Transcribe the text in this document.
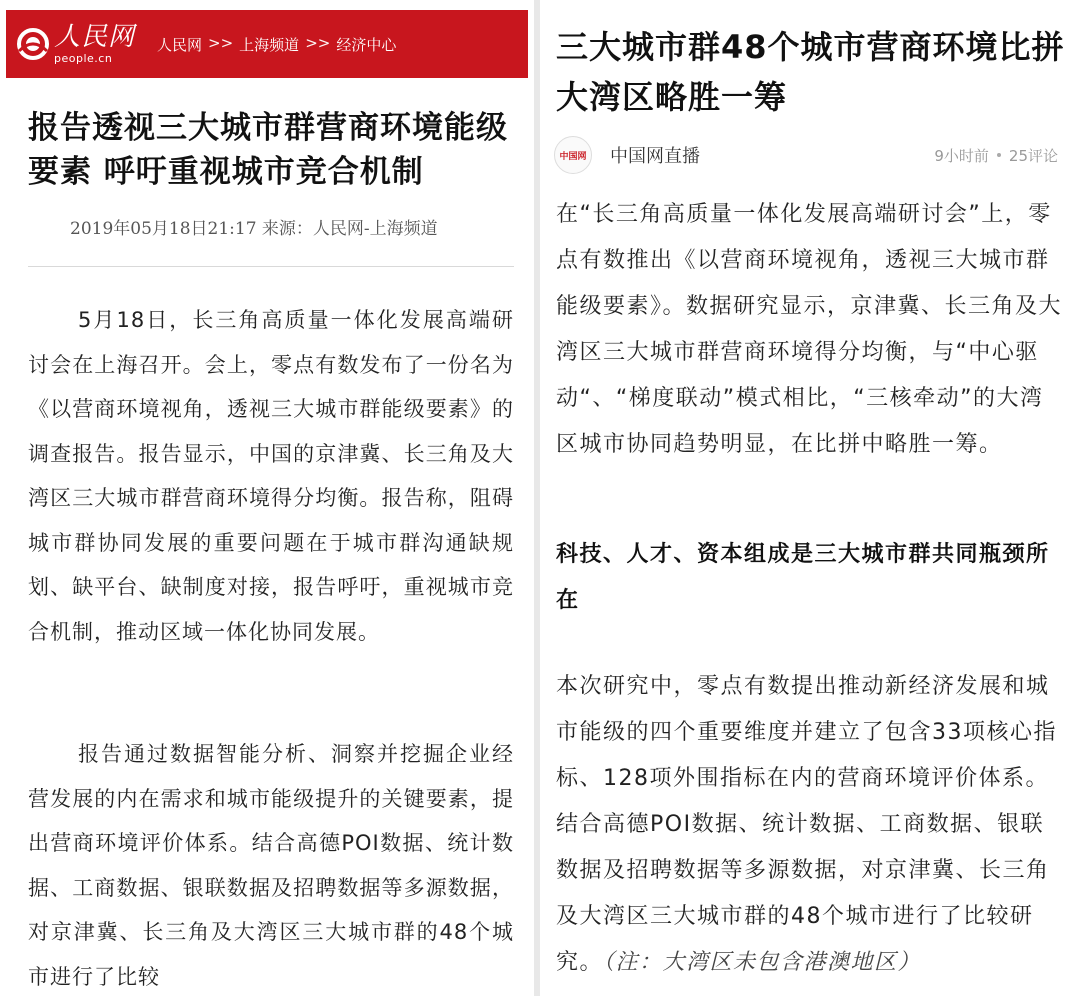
人民网
people.cn
人民网 >> 上海频道 >> 经济中心
报告透视三大城市群营商环境能级要素 呼吁重视城市竞合机制
2019年05月18日21:17 来源：人民网-上海频道
5月18日，长三角高质量一体化发展高端研讨会在上海召开。会上，零点有数发布了一份名为《以营商环境视角，透视三大城市群能级要素》的调查报告。报告显示，中国的京津冀、长三角及大湾区三大城市群营商环境得分均衡。报告称，阻碍城市群协同发展的重要问题在于城市群沟通缺规划、缺平台、缺制度对接，报告呼吁，重视城市竞合机制，推动区域一体化协同发展。
报告通过数据智能分析、洞察并挖掘企业经营发展的内在需求和城市能级提升的关键要素，提出营商环境评价体系。结合高德POI数据、统计数据、工商数据、银联数据及招聘数据等多源数据，对京津冀、长三角及大湾区三大城市群的48个城市进行了比较
三大城市群48个城市营商环境比拼 大湾区略胜一筹
中国网 中国网直播	9小时前 25评论
在“长三角高质量一体化发展高端研讨会”上，零点有数推出《以营商环境视角，透视三大城市群能级要素》。数据研究显示，京津冀、长三角及大湾区三大城市群营商环境得分均衡，与“中心驱动“、“梯度联动”模式相比，“三核牵动”的大湾区城市协同趋势明显，在比拼中略胜一筹。
科技、人才、资本组成是三大城市群共同瓶颈所在
本次研究中，零点有数提出推动新经济发展和城市能级的四个重要维度并建立了包含33项核心指标、128项外围指标在内的营商环境评价体系。结合高德POI数据、统计数据、工商数据、银联数据及招聘数据等多源数据，对京津冀、长三角及大湾区三大城市群的48个城市进行了比较研究。（注：大湾区未包含港澳地区）
